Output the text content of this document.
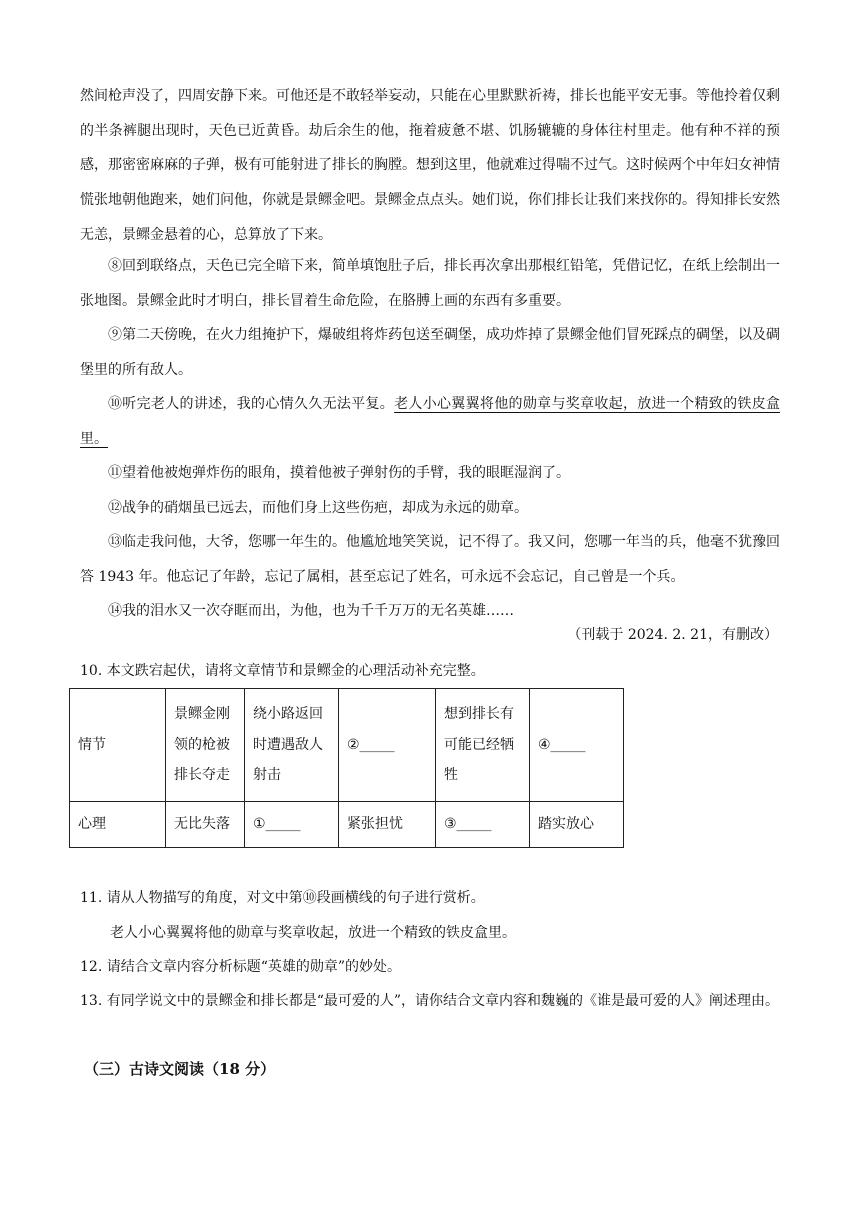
然间枪声没了，四周安静下来。可他还是不敢轻举妄动，只能在心里默默祈祷，排长也能平安无事。等他拎着仅剩的半条裤腿出现时，天色已近黄昏。劫后余生的他，拖着疲惫不堪、饥肠辘辘的身体往村里走。他有种不祥的预感，那密密麻麻的子弹，极有可能射进了排长的胸膛。想到这里，他就难过得喘不过气。这时候两个中年妇女神情慌张地朝他跑来，她们问他，你就是景鳏金吧。景鳏金点点头。她们说，你们排长让我们来找你的。得知排长安然无恙，景鳏金悬着的心，总算放了下来。

⑧回到联络点，天色已完全暗下来，简单填饱肚子后，排长再次拿出那根红铅笔，凭借记忆，在纸上绘制出一张地图。景鳏金此时才明白，排长冒着生命危险，在胳膊上画的东西有多重要。

⑨第二天傍晚，在火力组掩护下，爆破组将炸药包送至碉堡，成功炸掉了景鳏金他们冒死踩点的碉堡，以及碉堡里的所有敌人。

⑩听完老人的讲述，我的心情久久无法平复。老人小心翼翼将他的勋章与奖章收起，放进一个精致的铁皮盒里。

⑪望着他被炮弹炸伤的眼角，摸着他被子弹射伤的手臂，我的眼眶湿润了。

⑫战争的硝烟虽已远去，而他们身上这些伤疤，却成为永远的勋章。

⑬临走我问他，大爷，您哪一年生的。他尴尬地笑笑说，记不得了。我又问，您哪一年当的兵，他毫不犹豫回答 1943 年。他忘记了年龄，忘记了属相，甚至忘记了姓名，可永远不会忘记，自己曾是一个兵。

⑭我的泪水又一次夺眶而出，为他，也为千千万万的无名英雄……

（刊载于 2024. 2. 21，有删改）

10. 本文跌宕起伏，请将文章情节和景鳏金的心理活动补充完整。

情节	景鳏金刚领的枪被排长夺走	绕小路返回时遭遇敌人射击	②_____	想到排长有可能已经牺牲	④_____
心理	无比失落	①_____	紧张担忧	③_____	踏实放心

11. 请从人物描写的角度，对文中第⑩段画横线的句子进行赏析。

老人小心翼翼将他的勋章与奖章收起，放进一个精致的铁皮盒里。

12. 请结合文章内容分析标题“英雄的勋章”的妙处。

13. 有同学说文中的景鳏金和排长都是“最可爱的人”，请你结合文章内容和魏巍的《谁是最可爱的人》阐述理由。

（三）古诗文阅读（18 分）
